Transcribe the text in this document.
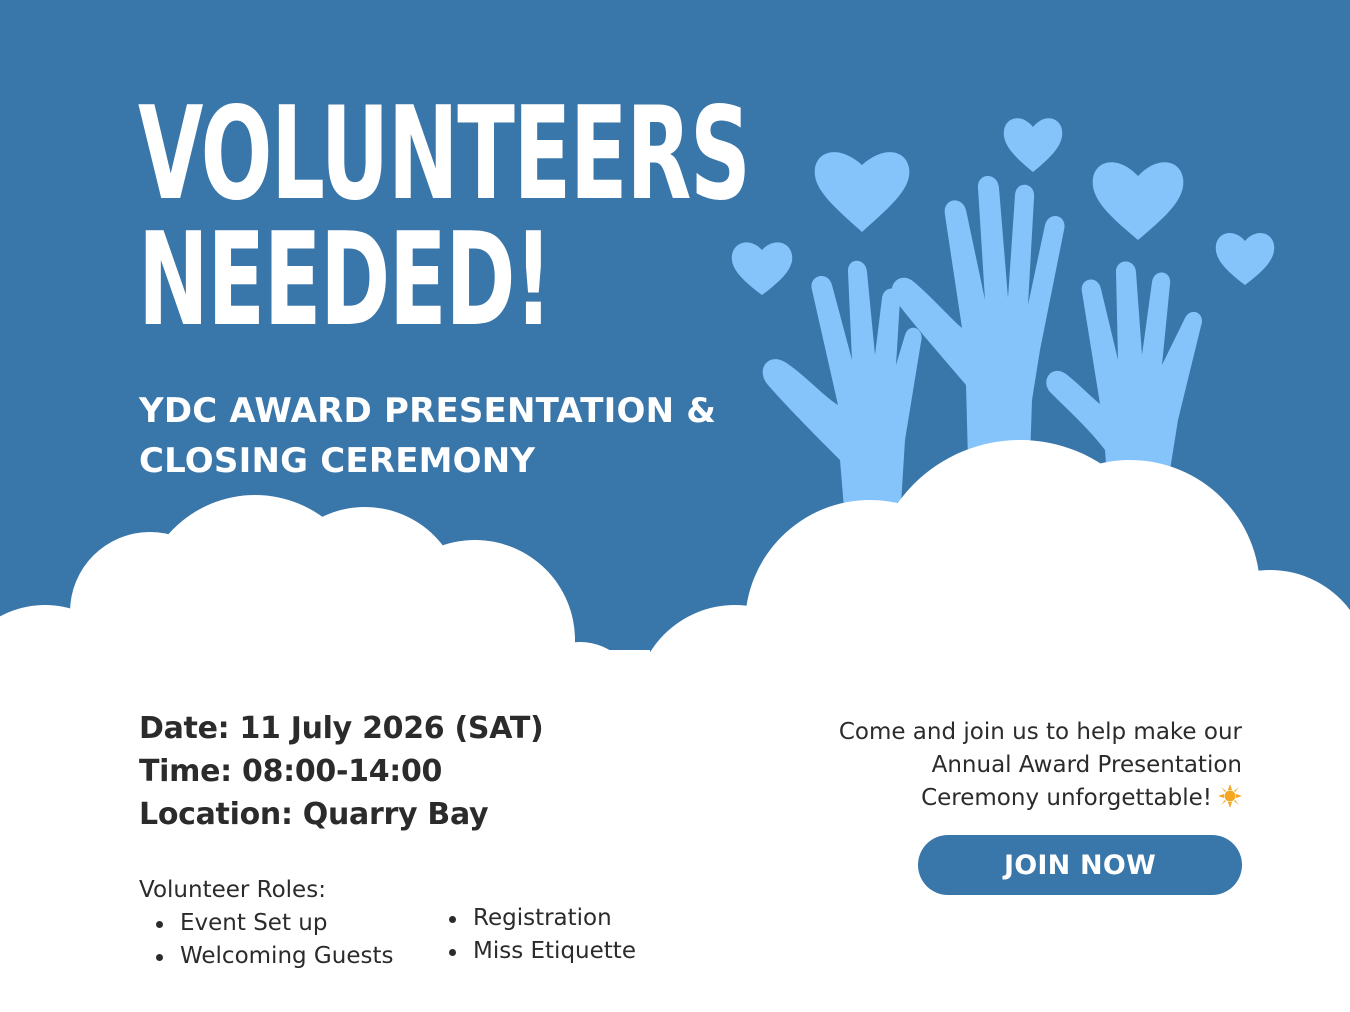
VOLUNTEERS
NEEDED!
YDC AWARD PRESENTATION &
CLOSING CEREMONY
Date: 11 July 2026 (SAT)
Time: 08:00-14:00
Location: Quarry Bay
Volunteer Roles:
Event Set up
Welcoming Guests
Registration
Miss Etiquette
Come and join us to help make our
Annual Award Presentation
Ceremony unforgettable!
JOIN NOW
